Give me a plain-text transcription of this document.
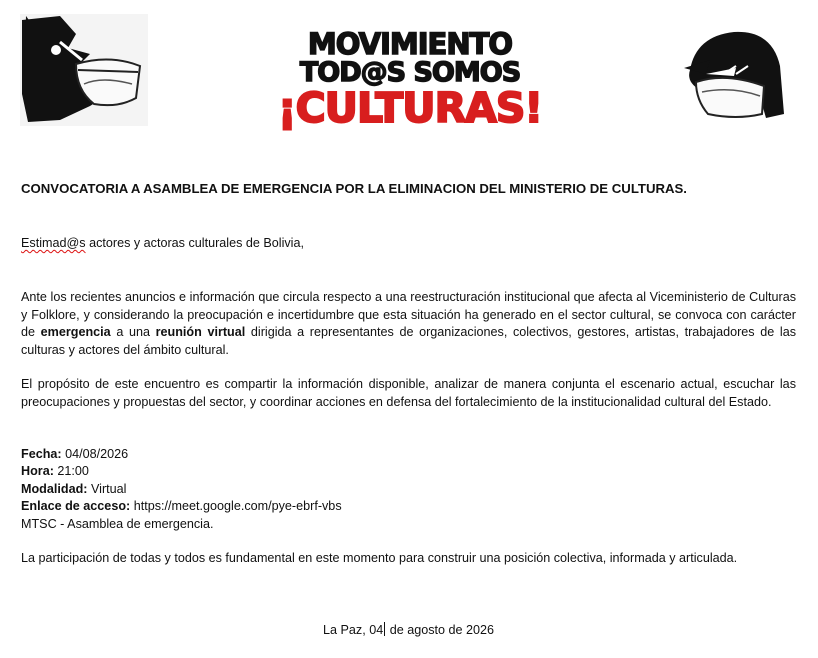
MOVIMIENTO
TOD@S SOMOS
¡CULTURAS!
CONVOCATORIA A ASAMBLEA DE EMERGENCIA POR LA ELIMINACION DEL MINISTERIO DE CULTURAS.
Estimad@s actores y actoras culturales de Bolivia,
Ante los recientes anuncios e información que circula respecto a una reestructuración institucional que afecta al Viceministerio de Culturas y Folklore, y considerando la preocupación e incertidumbre que esta situación ha generado en el sector cultural, se convoca con carácter de emergencia a una reunión virtual dirigida a representantes de organizaciones, colectivos, gestores, artistas, trabajadores de las culturas y actores del ámbito cultural.
El propósito de este encuentro es compartir la información disponible, analizar de manera conjunta el escenario actual, escuchar las preocupaciones y propuestas del sector, y coordinar acciones en defensa del fortalecimiento de la institucionalidad cultural del Estado.
Fecha: 04/08/2026
Hora: 21:00
Modalidad: Virtual
Enlace de acceso: https://meet.google.com/pye-ebrf-vbs
MTSC - Asamblea de emergencia.
La participación de todas y todos es fundamental en este momento para construir una posición colectiva, informada y articulada.
La Paz, 04 de agosto de 2026
